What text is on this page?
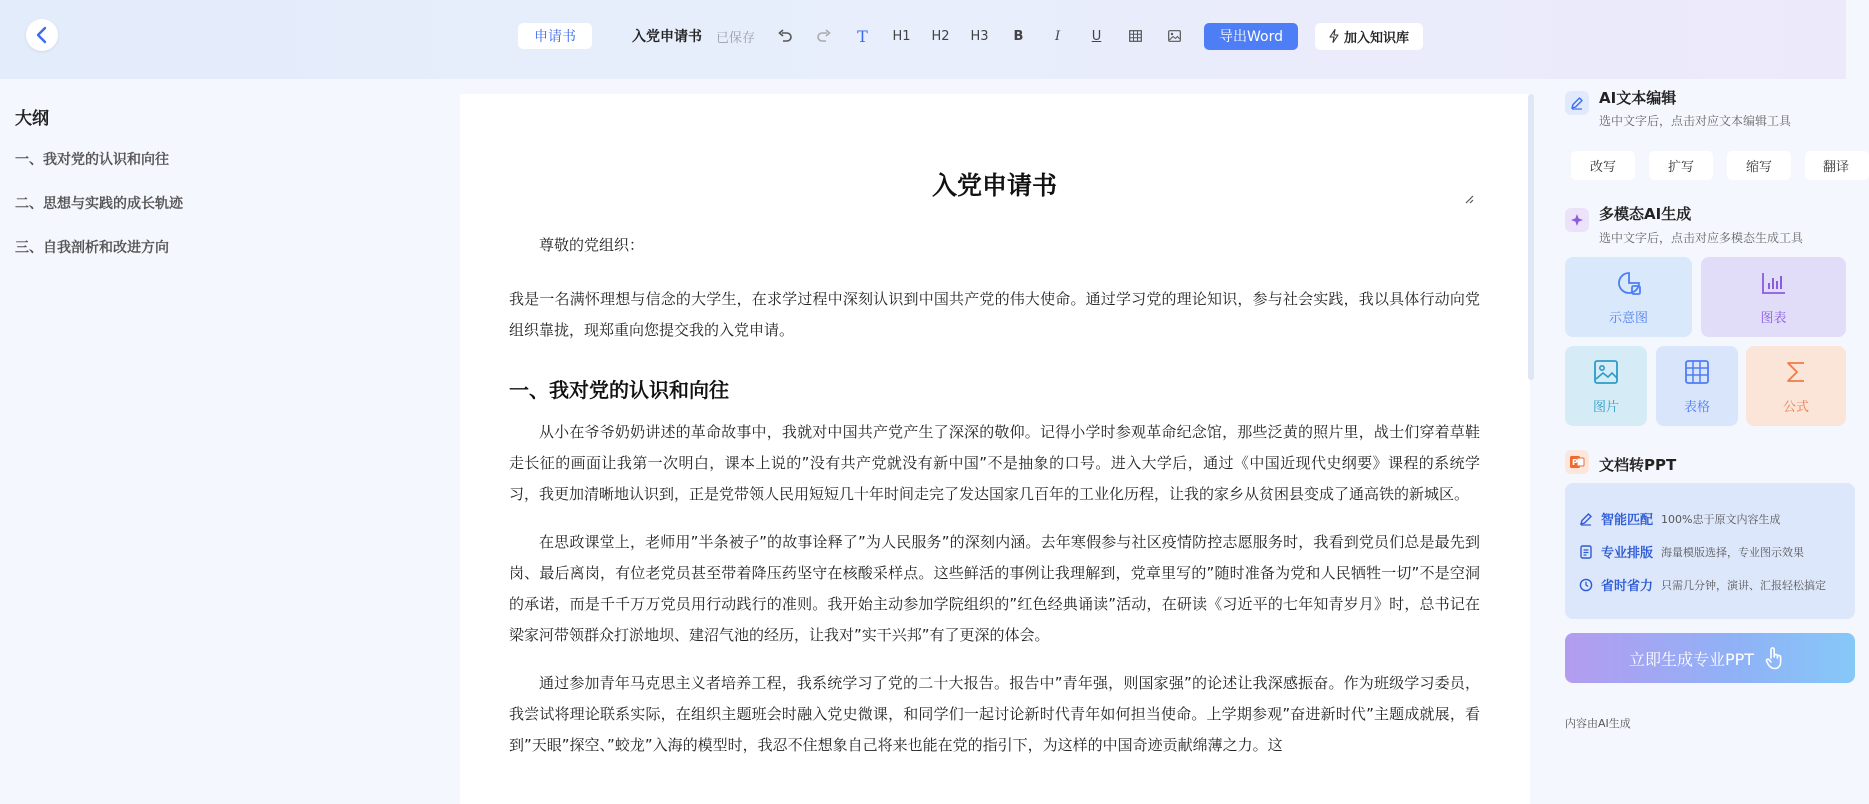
申请书	入党申请书 已保存	T	H1	H2	H3	B	I	U	导出Word	加入知识库
大纲
一、我对党的认识和向往
二、思想与实践的成长轨迹
三、自我剖析和改进方向
入党申请书

尊敬的党组织：

我是一名满怀理想与信念的大学生，在求学过程中深刻认识到中国共产党的伟大使命。通过学习党的理论知识，参与社会实践，我以具体行动向党组织靠拢，现郑重向您提交我的入党申请。

一、我对党的认识和向往

从小在爷爷奶奶讲述的革命故事中，我就对中国共产党产生了深深的敬仰。记得小学时参观革命纪念馆，那些泛黄的照片里，战士们穿着草鞋走长征的画面让我第一次明白，课本上说的”没有共产党就没有新中国”不是抽象的口号。进入大学后，通过《中国近现代史纲要》课程的系统学习，我更加清晰地认识到，正是党带领人民用短短几十年时间走完了发达国家几百年的工业化历程，让我的家乡从贫困县变成了通高铁的新城区。

在思政课堂上，老师用”半条被子”的故事诠释了”为人民服务”的深刻内涵。去年寒假参与社区疫情防控志愿服务时，我看到党员们总是最先到岗、最后离岗，有位老党员甚至带着降压药坚守在核酸采样点。这些鲜活的事例让我理解到，党章里写的”随时准备为党和人民牺牲一切”不是空洞的承诺，而是千千万万党员用行动践行的准则。我开始主动参加学院组织的”红色经典诵读”活动，在研读《习近平的七年知青岁月》时，总书记在梁家河带领群众打淤地坝、建沼气池的经历，让我对”实干兴邦”有了更深的体会。

通过参加青年马克思主义者培养工程，我系统学习了党的二十大报告。报告中”青年强，则国家强”的论述让我深感振奋。作为班级学习委员，我尝试将理论联系实际，在组织主题班会时融入党史微课，和同学们一起讨论新时代青年如何担当使命。上学期参观”奋进新时代”主题成就展，看到”天眼”探空、”蛟龙”入海的模型时，我忍不住想象自己将来也能在党的指引下，为这样的中国奇迹贡献绵薄之力。这

AI文本编辑
选中文字后，点击对应文本编辑工具
改写	扩写	缩写	翻译
多模态AI生成
选中文字后，点击对应多模态生成工具
示意图	图表
图片	表格	公式
P 文档转PPT
智能匹配 100%忠于原文内容生成
专业排版 海量模版选择，专业图示效果
省时省力 只需几分钟，演讲、汇报轻松搞定
立即生成专业PPT
内容由AI生成
